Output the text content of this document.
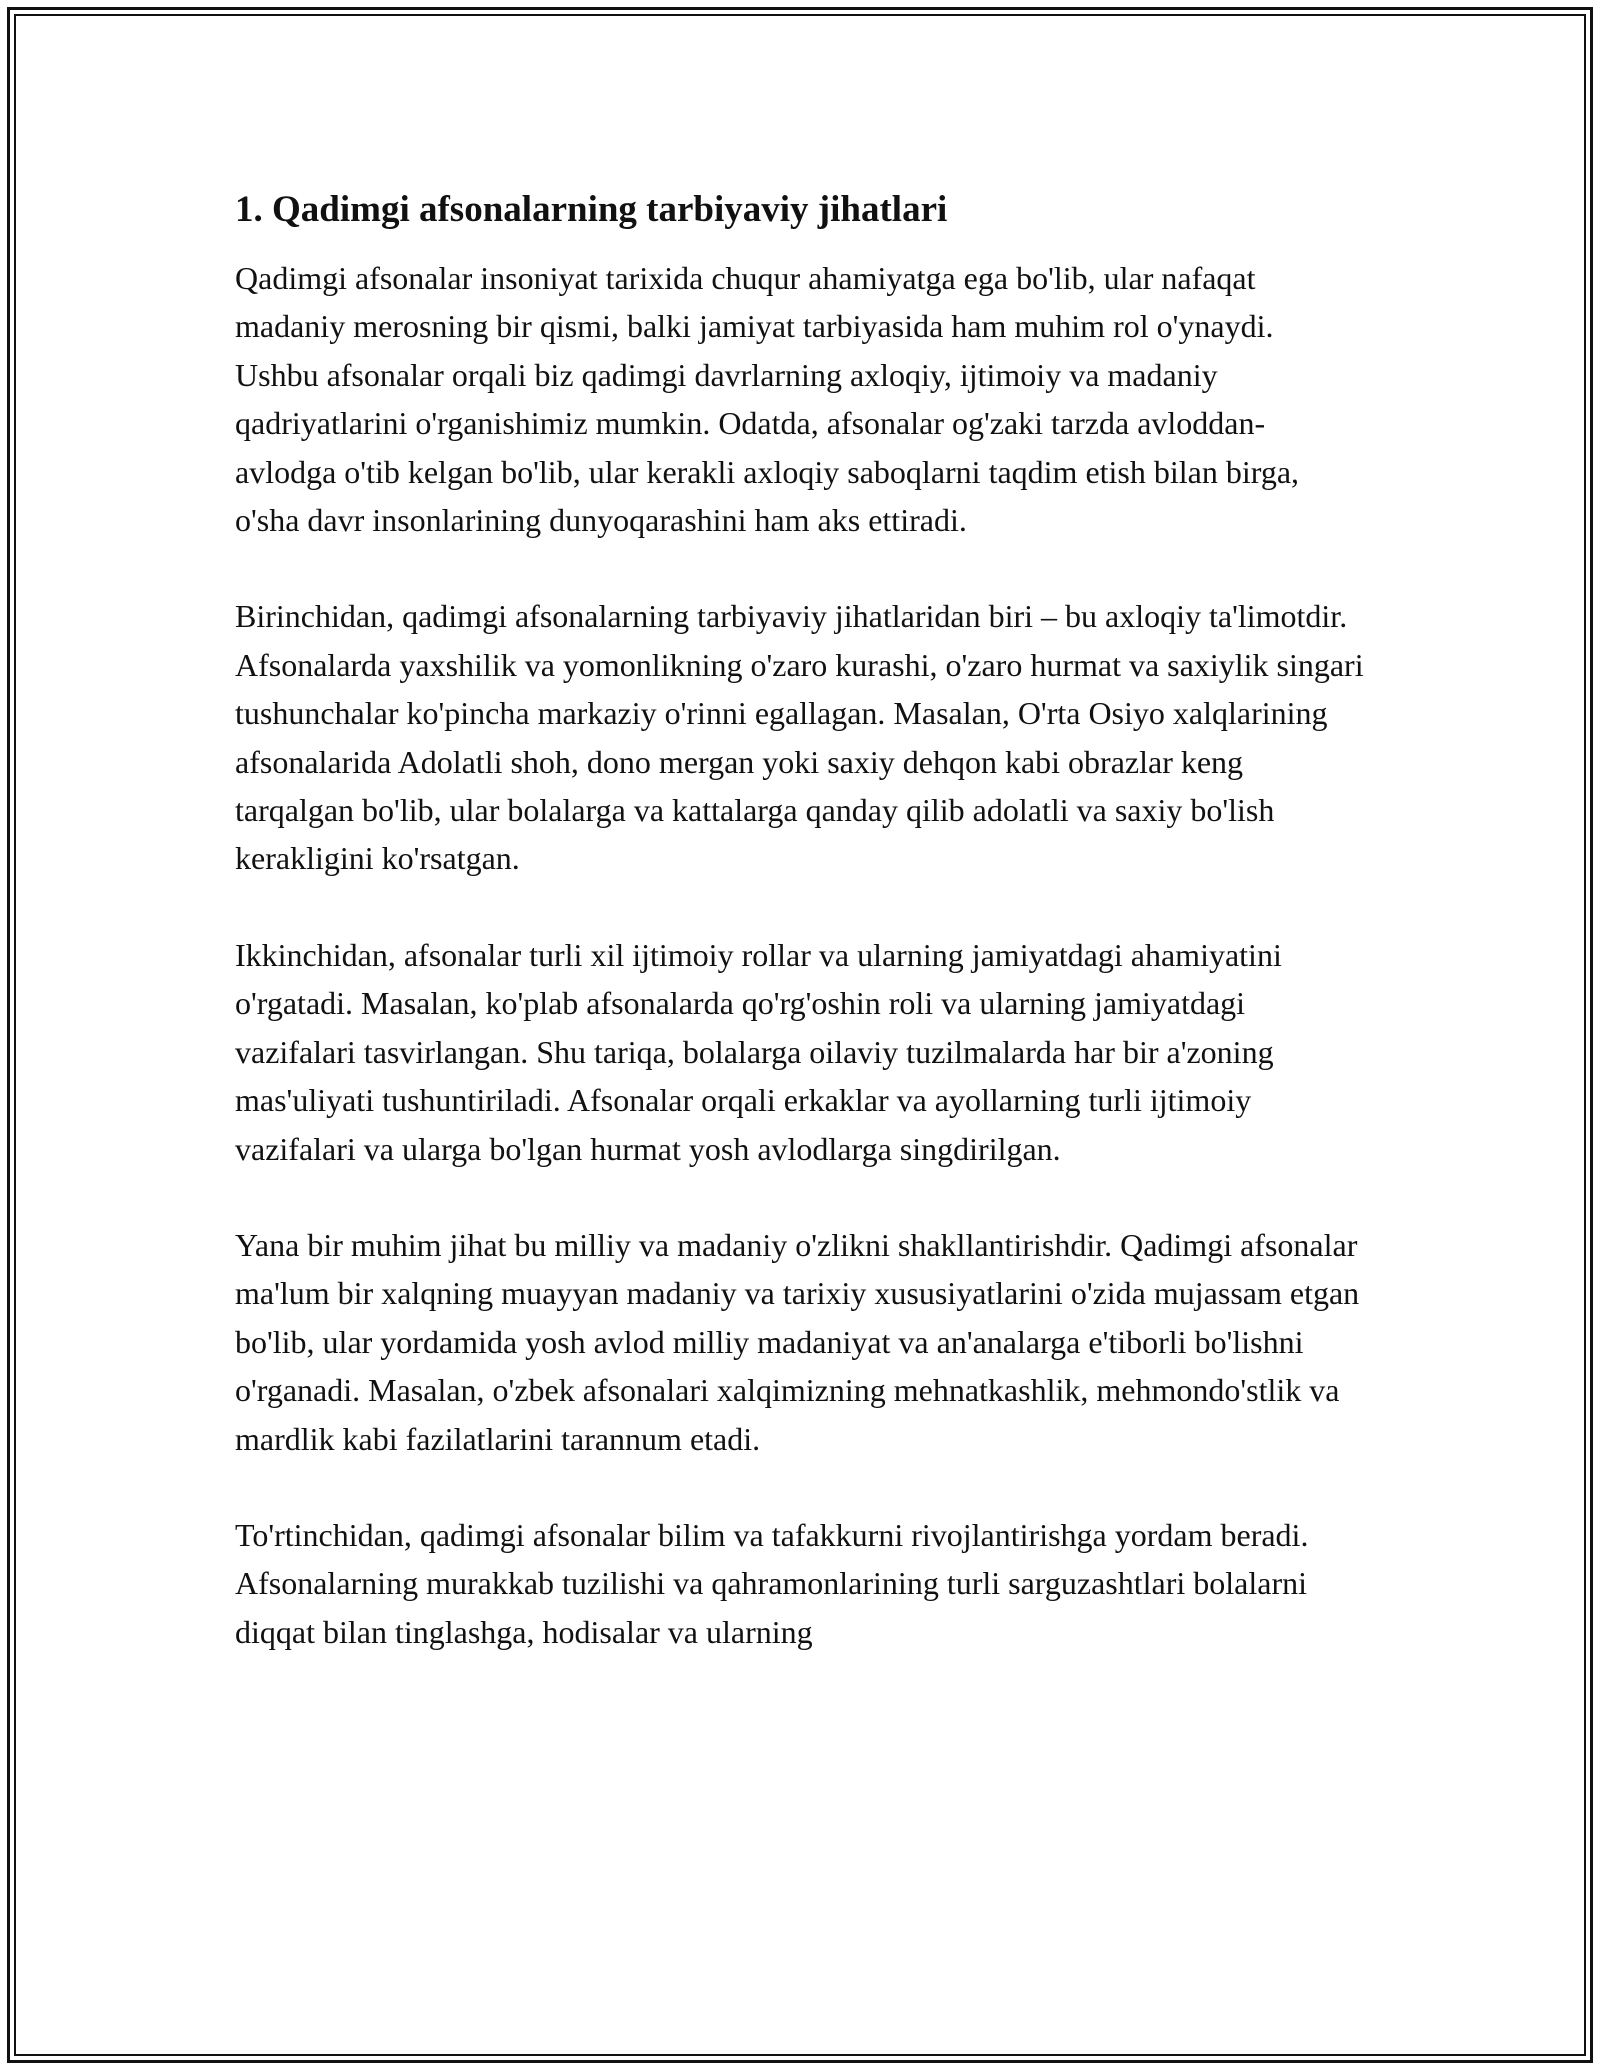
1. Qadimgi afsonalarning tarbiyaviy jihatlari

Qadimgi afsonalar insoniyat tarixida chuqur ahamiyatga ega bo'lib, ular nafaqat madaniy merosning bir qismi, balki jamiyat tarbiyasida ham muhim rol o'ynaydi. Ushbu afsonalar orqali biz qadimgi davrlarning axloqiy, ijtimoiy va madaniy qadriyatlarini o'rganishimiz mumkin. Odatda, afsonalar og'zaki tarzda avloddan-avlodga o'tib kelgan bo'lib, ular kerakli axloqiy saboqlarni taqdim etish bilan birga, o'sha davr insonlarining dunyoqarashini ham aks ettiradi.

Birinchidan, qadimgi afsonalarning tarbiyaviy jihatlaridan biri – bu axloqiy ta'limotdir. Afsonalarda yaxshilik va yomonlikning o'zaro kurashi, o'zaro hurmat va saxiylik singari tushunchalar ko'pincha markaziy o'rinni egallagan. Masalan, O'rta Osiyo xalqlarining afsonalarida Adolatli shoh, dono mergan yoki saxiy dehqon kabi obrazlar keng tarqalgan bo'lib, ular bolalarga va kattalarga qanday qilib adolatli va saxiy bo'lish kerakligini ko'rsatgan.

Ikkinchidan, afsonalar turli xil ijtimoiy rollar va ularning jamiyatdagi ahamiyatini o'rgatadi. Masalan, ko'plab afsonalarda qo'rg'oshin roli va ularning jamiyatdagi vazifalari tasvirlangan. Shu tariqa, bolalarga oilaviy tuzilmalarda har bir a'zoning mas'uliyati tushuntiriladi. Afsonalar orqali erkaklar va ayollarning turli ijtimoiy vazifalari va ularga bo'lgan hurmat yosh avlodlarga singdirilgan.

Yana bir muhim jihat bu milliy va madaniy o'zlikni shakllantirishdir. Qadimgi afsonalar ma'lum bir xalqning muayyan madaniy va tarixiy xususiyatlarini o'zida mujassam etgan bo'lib, ular yordamida yosh avlod milliy madaniyat va an'analarga e'tiborli bo'lishni o'rganadi. Masalan, o'zbek afsonalari xalqimizning mehnatkashlik, mehmondo'stlik va mardlik kabi fazilatlarini tarannum etadi.

To'rtinchidan, qadimgi afsonalar bilim va tafakkurni rivojlantirishga yordam beradi. Afsonalarning murakkab tuzilishi va qahramonlarining turli sarguzashtlari bolalarni diqqat bilan tinglashga, hodisalar va ularning
